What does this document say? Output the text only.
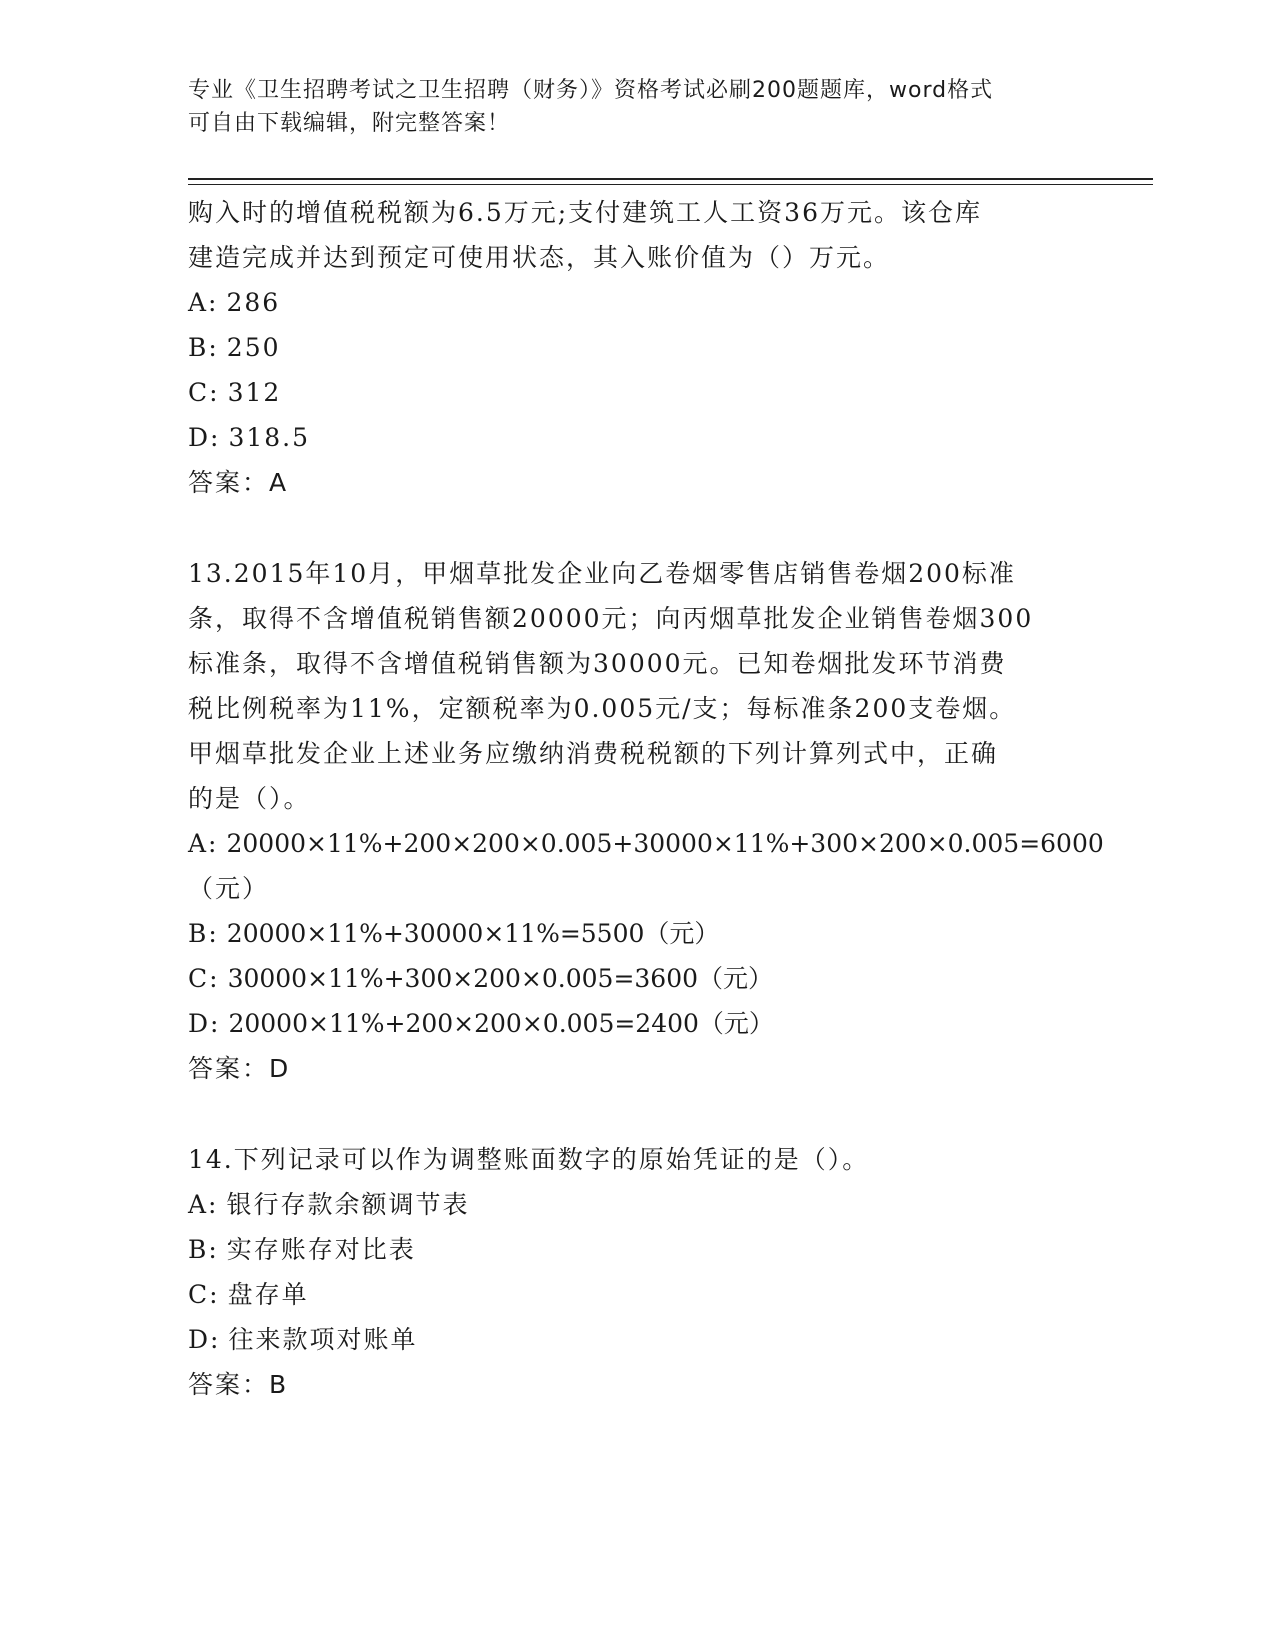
专业《卫生招聘考试之卫生招聘（财务）》资格考试必刷200题题库，word格式
可自由下载编辑，附完整答案！

购入时的增值税税额为6.5万元;支付建筑工人工资36万元。该仓库

建造完成并达到预定可使用状态，其入账价值为（）万元。

A: 286

B: 250

C: 312

D: 318.5

答案：A

13.2015年10月，甲烟草批发企业向乙卷烟零售店销售卷烟200标准

条，取得不含增值税销售额20000元；向丙烟草批发企业销售卷烟300

标准条，取得不含增值税销售额为30000元。已知卷烟批发环节消费

税比例税率为11%，定额税率为0.005元/支；每标准条200支卷烟。

甲烟草批发企业上述业务应缴纳消费税税额的下列计算列式中，正确

的是（）。

A: 20000×11%+200×200×0.005+30000×11%+300×200×0.005=6000

（元）

B: 20000×11%+30000×11%=5500（元）

C: 30000×11%+300×200×0.005=3600（元）

D: 20000×11%+200×200×0.005=2400（元）

答案：D

14.下列记录可以作为调整账面数字的原始凭证的是（）。

A: 银行存款余额调节表

B: 实存账存对比表

C: 盘存单

D: 往来款项对账单

答案：B
